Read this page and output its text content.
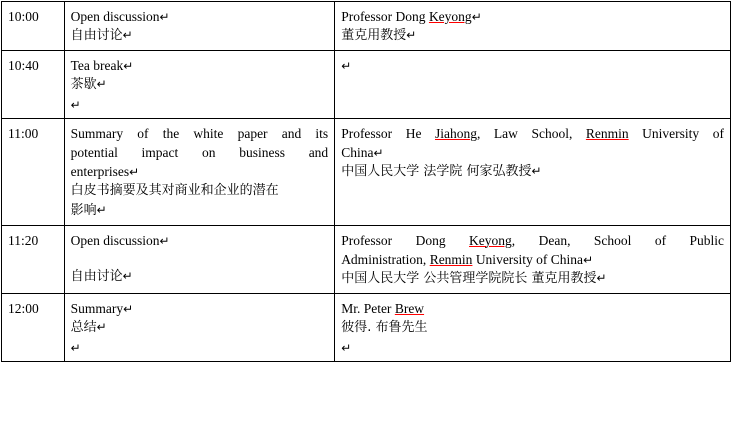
10:00	Open discussion↵
自由讨论↵	Professor Dong Keyong↵
董克用教授↵

10:40	Tea break↵
茶歇↵
↵	↵

11:00	Summary of the white paper and its
potential impact on business and
enterprises↵
白皮书摘要及其对商业和企业的潜在
影响↵	Professor He Jiahong, Law School, Renmin University of
China↵
中国人民大学 法学院 何家弘教授↵

11:20	Open discussion↵
自由讨论↵	Professor Dong Keyong, Dean, School of Public
Administration, Renmin University of China↵
中国人民大学 公共管理学院院长 董克用教授↵

12:00	Summary↵
总结↵
↵	Mr. Peter Brew
彼得. 布鲁先生
↵
